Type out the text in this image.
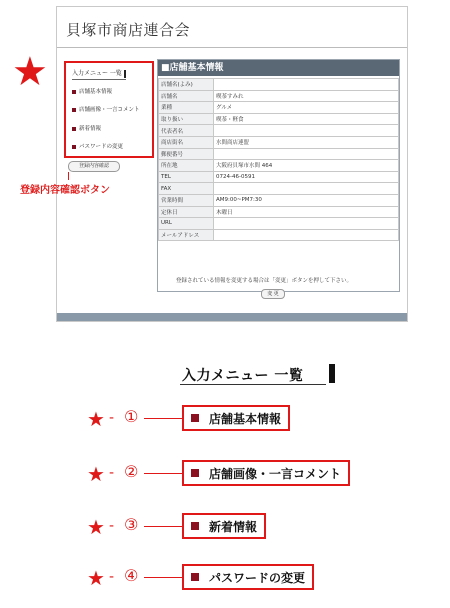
貝塚市商店連合会
★	入力メニュー 一覧
店舗基本情報
店舗画像・一言コメント
新着情報
パスワードの変更
登録内容確認
登録内容確認ボタン
■店舗基本情報
店舗名(よみ)	
店舗名	喫茶すみれ
業種	グルメ
取り扱い	喫茶・軽食
代表者名	
商店街名	水間商店連盟
郵便番号	
所在地	大阪府貝塚市水間 464
TEL	0724-46-0591
FAX	
営業時間	AM9:00~PM7:30
定休日	木曜日
URL	
メールアドレス	
登録されている情報を変更する場合は「変更」ボタンを押して下さい。
変 更
入力メニュー 一覧
★ - ①	店舗基本情報
★ - ②	店舗画像・一言コメント
★ - ③	新着情報
★ - ④	パスワードの変更
